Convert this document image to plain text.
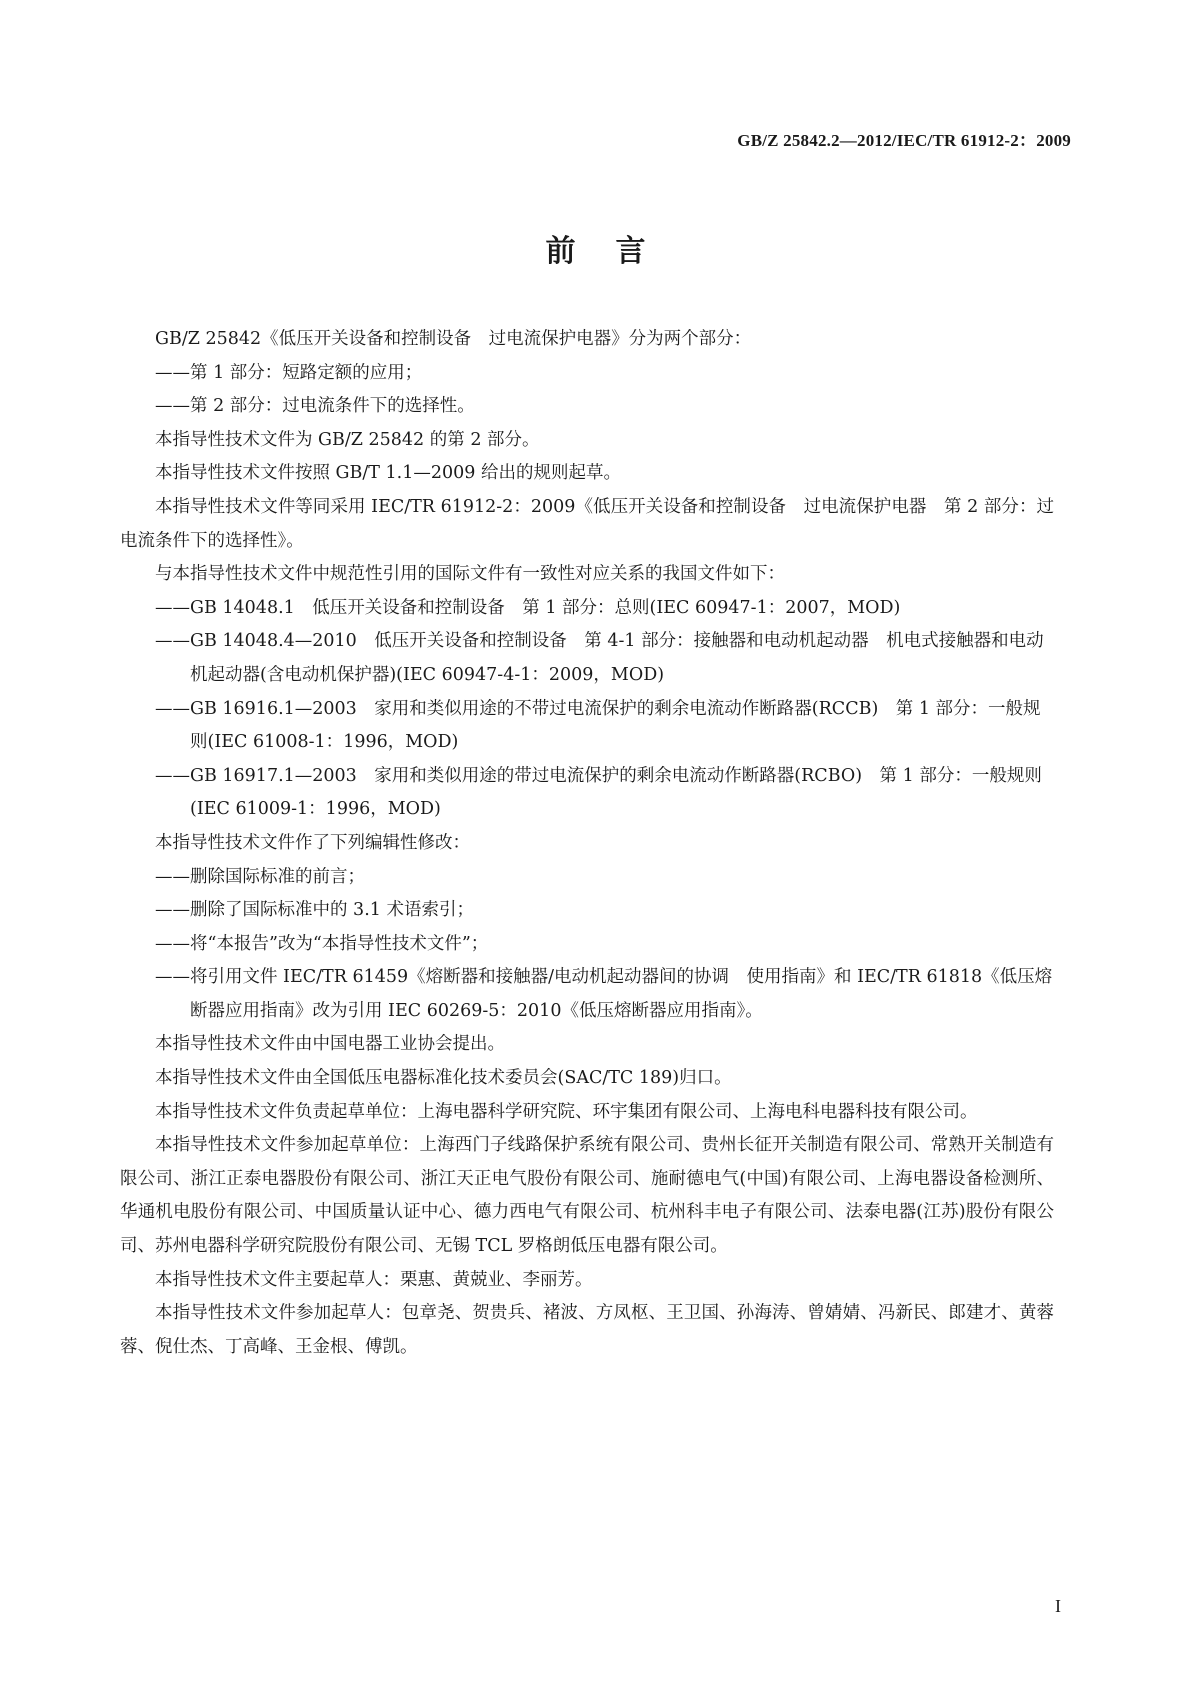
GB/Z 25842.2—2012/IEC/TR 61912-2：2009
前言

GB/Z 25842《低压开关设备和控制设备　过电流保护电器》分为两个部分：

——第 1 部分：短路定额的应用；

——第 2 部分：过电流条件下的选择性。

本指导性技术文件为 GB/Z 25842 的第 2 部分。

本指导性技术文件按照 GB/T 1.1—2009 给出的规则起草。

本指导性技术文件等同采用 IEC/TR 61912-2：2009《低压开关设备和控制设备　过电流保护电器　第 2 部分：过电流条件下的选择性》。

与本指导性技术文件中规范性引用的国际文件有一致性对应关系的我国文件如下：

——GB 14048.1　低压开关设备和控制设备　第 1 部分：总则(IEC 60947-1：2007，MOD)

——GB 14048.4—2010　低压开关设备和控制设备　第 4-1 部分：接触器和电动机起动器　机电式接触器和电动机起动器(含电动机保护器)(IEC 60947-4-1：2009，MOD)

——GB 16916.1—2003　家用和类似用途的不带过电流保护的剩余电流动作断路器(RCCB)　第 1 部分：一般规则(IEC 61008-1：1996，MOD)

——GB 16917.1—2003　家用和类似用途的带过电流保护的剩余电流动作断路器(RCBO)　第 1 部分：一般规则(IEC 61009-1：1996，MOD)

本指导性技术文件作了下列编辑性修改：

——删除国际标准的前言；

——删除了国际标准中的 3.1 术语索引；

——将“本报告”改为“本指导性技术文件”；

——将引用文件 IEC/TR 61459《熔断器和接触器/电动机起动器间的协调　使用指南》和 IEC/TR 61818《低压熔断器应用指南》改为引用 IEC 60269-5：2010《低压熔断器应用指南》。

本指导性技术文件由中国电器工业协会提出。

本指导性技术文件由全国低压电器标准化技术委员会(SAC/TC 189)归口。

本指导性技术文件负责起草单位：上海电器科学研究院、环宇集团有限公司、上海电科电器科技有限公司。

本指导性技术文件参加起草单位：上海西门子线路保护系统有限公司、贵州长征开关制造有限公司、常熟开关制造有限公司、浙江正泰电器股份有限公司、浙江天正电气股份有限公司、施耐德电气(中国)有限公司、上海电器设备检测所、华通机电股份有限公司、中国质量认证中心、德力西电气有限公司、杭州科丰电子有限公司、法泰电器(江苏)股份有限公司、苏州电器科学研究院股份有限公司、无锡 TCL 罗格朗低压电器有限公司。

本指导性技术文件主要起草人：栗惠、黄兢业、李丽芳。

本指导性技术文件参加起草人：包章尧、贺贵兵、褚波、方凤枢、王卫国、孙海涛、曾婧婧、冯新民、郎建才、黄蓉蓉、倪仕杰、丁高峰、王金根、傅凯。

I
